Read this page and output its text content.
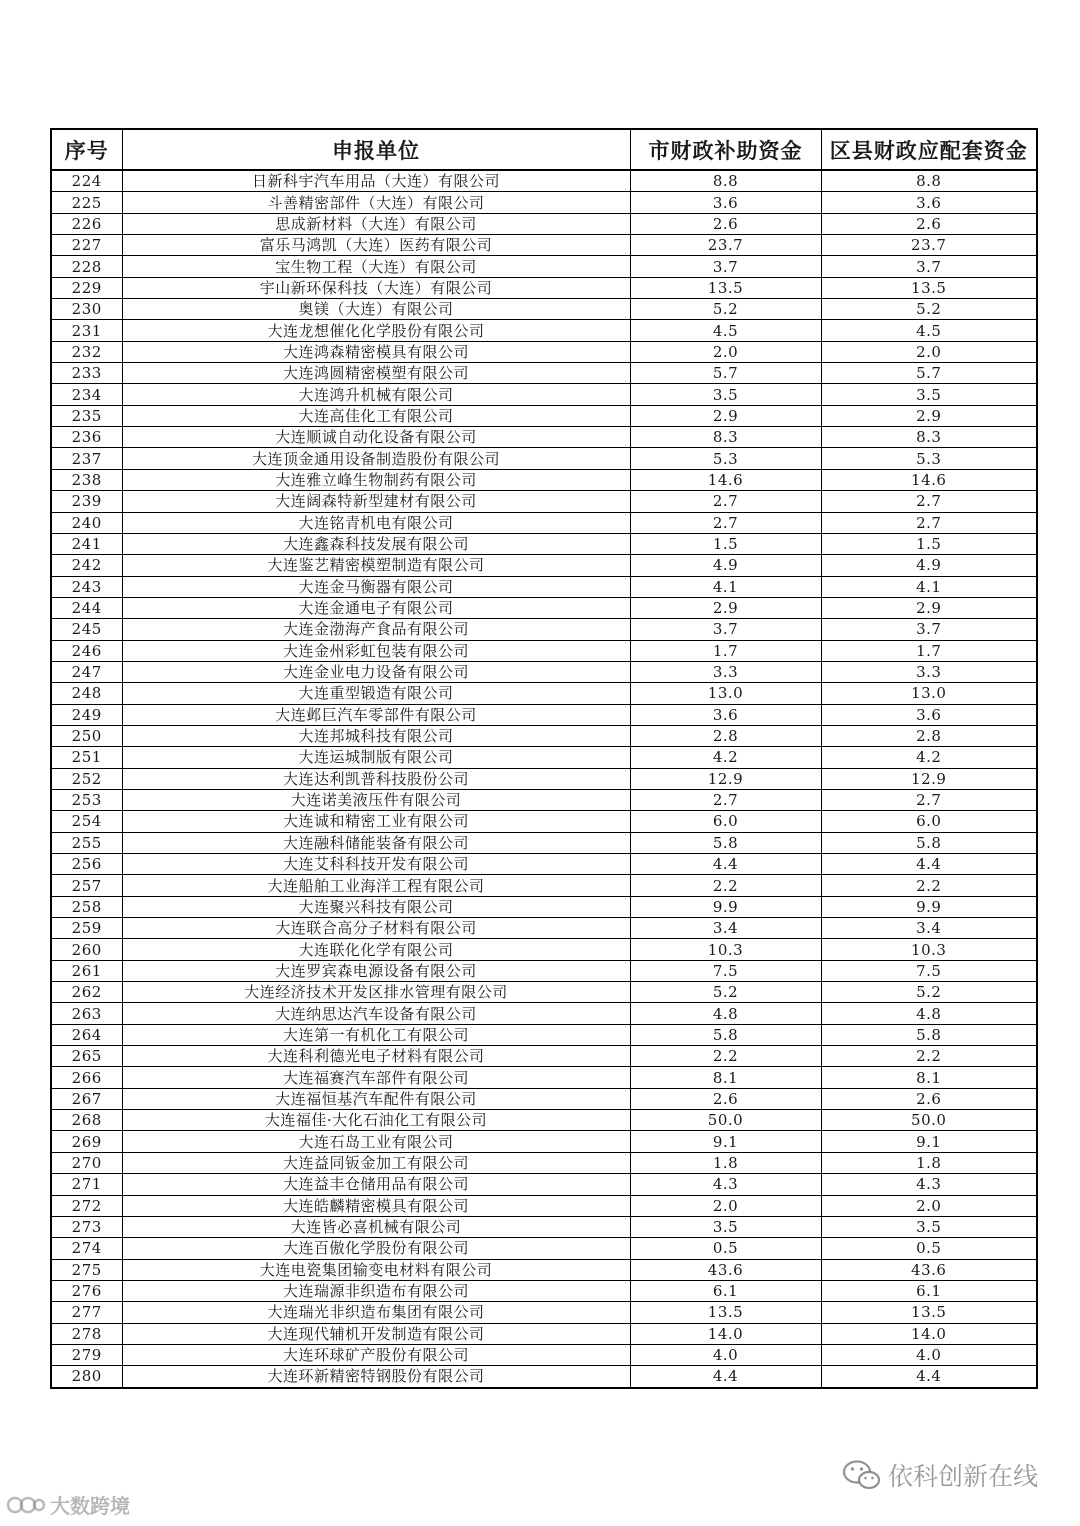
序号	申报单位	市财政补助资金	区县财政应配套资金
224	日新科宇汽车用品（大连）有限公司	8.8	8.8
225	斗善精密部件（大连）有限公司	3.6	3.6
226	思成新材料（大连）有限公司	2.6	2.6
227	富乐马鸿凯（大连）医药有限公司	23.7	23.7
228	宝生物工程（大连）有限公司	3.7	3.7
229	宇山新环保科技（大连）有限公司	13.5	13.5
230	奥镁（大连）有限公司	5.2	5.2
231	大连龙想催化化学股份有限公司	4.5	4.5
232	大连鸿森精密模具有限公司	2.0	2.0
233	大连鸿圆精密模塑有限公司	5.7	5.7
234	大连鸿升机械有限公司	3.5	3.5
235	大连高佳化工有限公司	2.9	2.9
236	大连顺诚自动化设备有限公司	8.3	8.3
237	大连顶金通用设备制造股份有限公司	5.3	5.3
238	大连雅立峰生物制药有限公司	14.6	14.6
239	大连阔森特新型建材有限公司	2.7	2.7
240	大连铭青机电有限公司	2.7	2.7
241	大连鑫森科技发展有限公司	1.5	1.5
242	大连鉴艺精密模塑制造有限公司	4.9	4.9
243	大连金马衡器有限公司	4.1	4.1
244	大连金通电子有限公司	2.9	2.9
245	大连金渤海产食品有限公司	3.7	3.7
246	大连金州彩虹包装有限公司	1.7	1.7
247	大连金业电力设备有限公司	3.3	3.3
248	大连重型锻造有限公司	13.0	13.0
249	大连邺巨汽车零部件有限公司	3.6	3.6
250	大连邦城科技有限公司	2.8	2.8
251	大连运城制版有限公司	4.2	4.2
252	大连达利凯普科技股份公司	12.9	12.9
253	大连诺美液压件有限公司	2.7	2.7
254	大连诚和精密工业有限公司	6.0	6.0
255	大连融科储能装备有限公司	5.8	5.8
256	大连艾科科技开发有限公司	4.4	4.4
257	大连船舶工业海洋工程有限公司	2.2	2.2
258	大连聚兴科技有限公司	9.9	9.9
259	大连联合高分子材料有限公司	3.4	3.4
260	大连联化化学有限公司	10.3	10.3
261	大连罗宾森电源设备有限公司	7.5	7.5
262	大连经济技术开发区排水管理有限公司	5.2	5.2
263	大连纳思达汽车设备有限公司	4.8	4.8
264	大连第一有机化工有限公司	5.8	5.8
265	大连科利德光电子材料有限公司	2.2	2.2
266	大连福赛汽车部件有限公司	8.1	8.1
267	大连福恒基汽车配件有限公司	2.6	2.6
268	大连福佳·大化石油化工有限公司	50.0	50.0
269	大连石岛工业有限公司	9.1	9.1
270	大连益同钣金加工有限公司	1.8	1.8
271	大连益丰仓储用品有限公司	4.3	4.3
272	大连皓麟精密模具有限公司	2.0	2.0
273	大连皆必喜机械有限公司	3.5	3.5
274	大连百傲化学股份有限公司	0.5	0.5
275	大连电瓷集团输变电材料有限公司	43.6	43.6
276	大连瑞源非织造布有限公司	6.1	6.1
277	大连瑞光非织造布集团有限公司	13.5	13.5
278	大连现代辅机开发制造有限公司	14.0	14.0
279	大连环球矿产股份有限公司	4.0	4.0
280	大连环新精密特钢股份有限公司	4.4	4.4
大数跨境
依科创新在线
